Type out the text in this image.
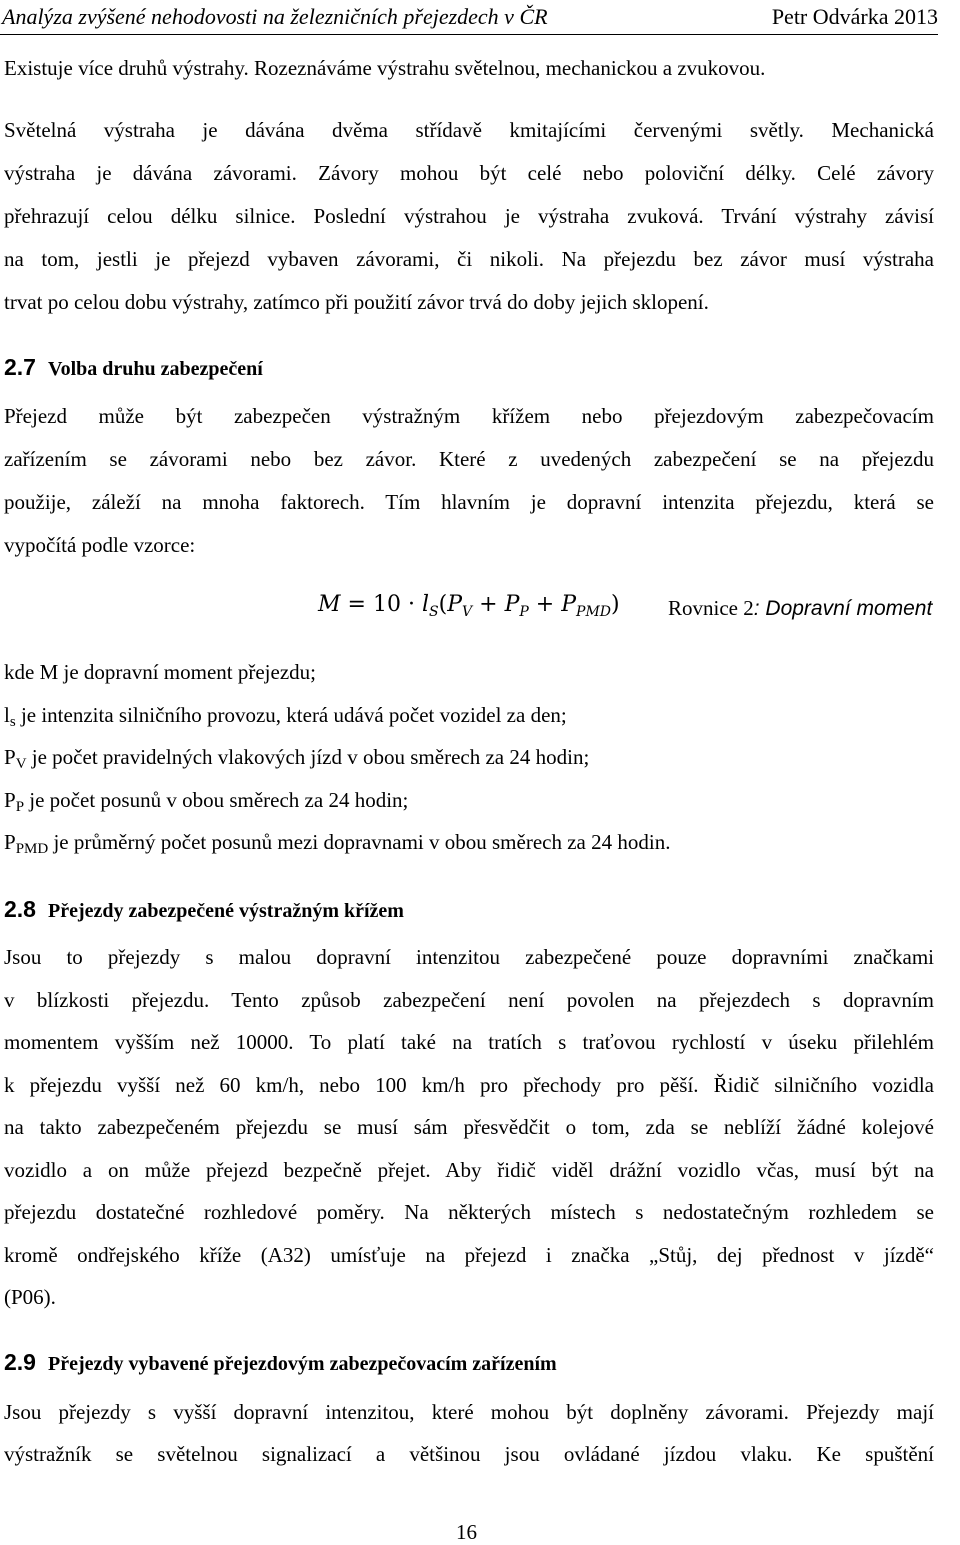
Analýza zvýšené nehodovosti na železničních přejezdech v ČR	Petr Odvárka 2013
Existuje více druhů výstrahy. Rozeznáváme výstrahu světelnou, mechanickou a zvukovou.
Světelná výstraha je dávána dvěma střídavě kmitajícími červenými světly. Mechanická
výstraha je dávána závorami. Závory mohou být celé nebo poloviční délky. Celé závory
přehrazují celou délku silnice. Poslední výstrahou je výstraha zvuková. Trvání výstrahy závisí
na tom, jestli je přejezd vybaven závorami, či nikoli. Na přejezdu bez závor musí výstraha
trvat po celou dobu výstrahy, zatímco při použití závor trvá do doby jejich sklopení.
2.7 Volba druhu zabezpečení
Přejezd může být zabezpečen výstražným křížem nebo přejezdovým zabezpečovacím
zařízením se závorami nebo bez závor. Které z uvedených zabezpečení se na přejezdu
použije, záleží na mnoha faktorech. Tím hlavním je dopravní intenzita přejezdu, která se
vypočítá podle vzorce:
$M = 10 \cdot l_S(P_V + P_P + P_{PMD})$ Rovnice 2: Dopravní moment
kde M je dopravní moment přejezdu;
$l_s$ je intenzita silničního provozu, která udává počet vozidel za den;
$P_V$ je počet pravidelných vlakových jízd v obou směrech za 24 hodin;
$P_P$ je počet posunů v obou směrech za 24 hodin;
$P_{PMD}$ je průměrný počet posunů mezi dopravnami v obou směrech za 24 hodin.
2.8 Přejezdy zabezpečené výstražným křížem
Jsou to přejezdy s malou dopravní intenzitou zabezpečené pouze dopravními značkami
v blízkosti přejezdu. Tento způsob zabezpečení není povolen na přejezdech s dopravním
momentem vyšším než 10000. To platí také na tratích s traťovou rychlostí v úseku přilehlém
k přejezdu vyšší než 60 km/h, nebo 100 km/h pro přechody pro pěší. Řidič silničního vozidla
na takto zabezpečeném přejezdu se musí sám přesvědčit o tom, zda se neblíží žádné kolejové
vozidlo a on může přejezd bezpečně přejet. Aby řidič viděl drážní vozidlo včas, musí být na
přejezdu dostatečné rozhledové poměry. Na některých místech s nedostatečným rozhledem se
kromě ondřejského kříže (A32) umísťuje na přejezd i značka „Stůj, dej přednost v jízdě“
(P06).
2.9 Přejezdy vybavené přejezdovým zabezpečovacím zařízením
Jsou přejezdy s vyšší dopravní intenzitou, které mohou být doplněny závorami. Přejezdy mají
výstražník se světelnou signalizací a většinou jsou ovládané jízdou vlaku. Ke spuštění
16
